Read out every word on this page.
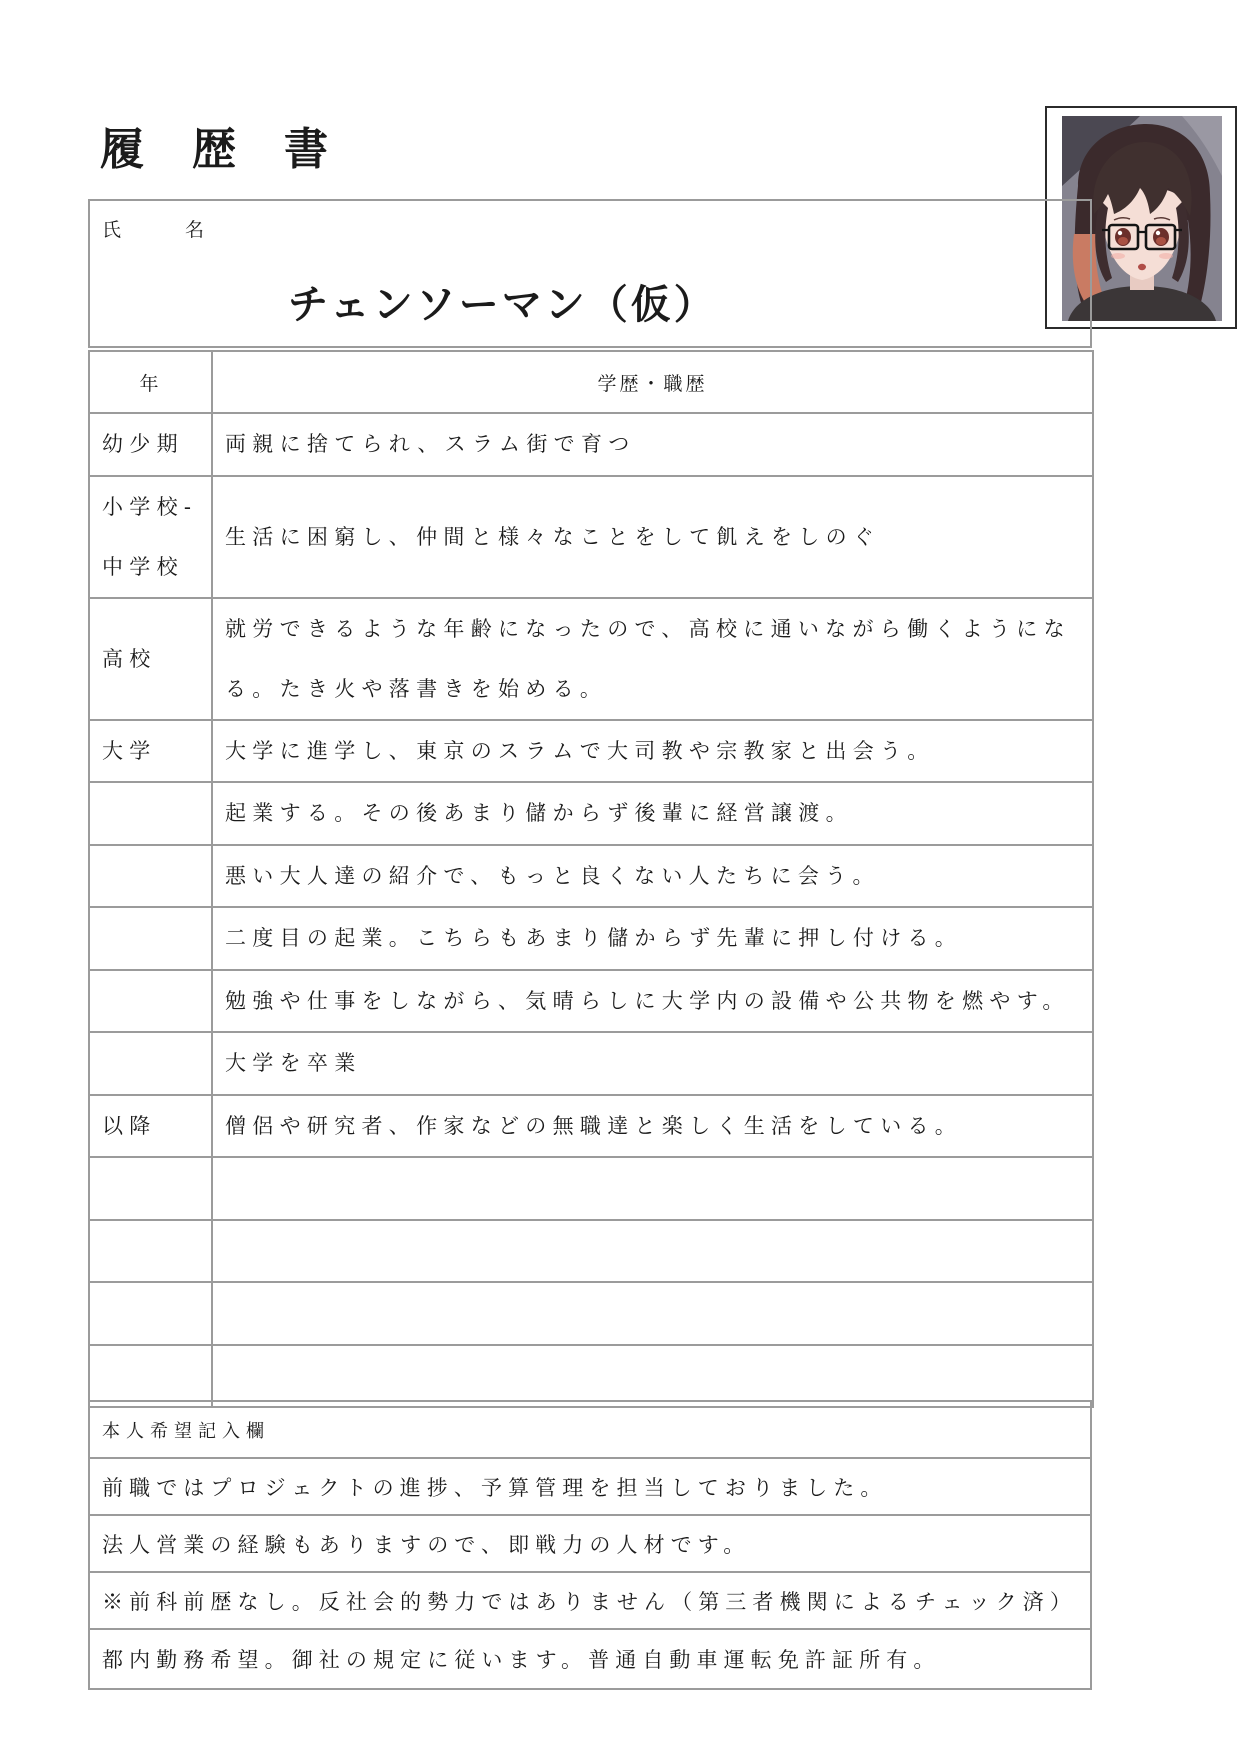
履歴書
氏名
チェンソーマン（仮）
年	学歴・職歴

幼少期	両親に捨てられ、スラム街で育つ

小学校-
中学校	生活に困窮し、仲間と様々なことをして飢えをしのぐ

高校	就労できるような年齢になったので、高校に通いながら働くようにな
る。たき火や落書きを始める。

大学	大学に進学し、東京のスラムで大司教や宗教家と出会う。

	起業する。その後あまり儲からず後輩に経営譲渡。

	悪い大人達の紹介で、もっと良くない人たちに会う。

	二度目の起業。こちらもあまり儲からず先輩に押し付ける。

	勉強や仕事をしながら、気晴らしに大学内の設備や公共物を燃やす。

	大学を卒業

以降	僧侶や研究者、作家などの無職達と楽しく生活をしている。

本人希望記入欄
前職ではプロジェクトの進捗、予算管理を担当しておりました。
法人営業の経験もありますので、即戦力の人材です。
※前科前歴なし。反社会的勢力ではありません（第三者機関によるチェック済）
都内勤務希望。御社の規定に従います。普通自動車運転免許証所有。
